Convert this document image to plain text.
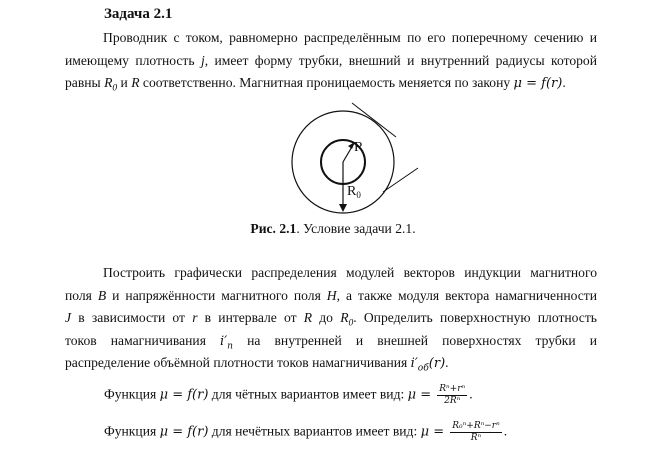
Задача 2.1
Проводник с током, равномерно распределённым по его поперечному сечению и
имеющему плотность j, имеет форму трубки, внешний и внутренний радиусы которой
равны $R_0$ и R соответственно. Магнитная проницаемость меняется по закону μ = f(r).
R
$R_0$
Рис. 2.1. Условие задачи 2.1.
Построить графически распределения модулей векторов индукции магнитного
поля B и напряжённости магнитного поля H, а также модуля вектора намагниченности
J в зависимости от r в интервале от R до $R_0$. Определить поверхностную плотность
токов намагничивания $i'_п$ на внутренней и внешней поверхностях трубки и
распределение объёмной плотности токов намагничивания $i'_{об}(r)$.
Функция μ = f(r) для чётных вариантов имеет вид: $\mu = \frac{\text{Rⁿ+rⁿ}}{\text{2Rⁿ}}$ .
Функция μ = f(r) для нечётных вариантов имеет вид: $\mu = \frac{\text{R₀ⁿ+Rⁿ−rⁿ}}{\text{Rⁿ}}$ .
